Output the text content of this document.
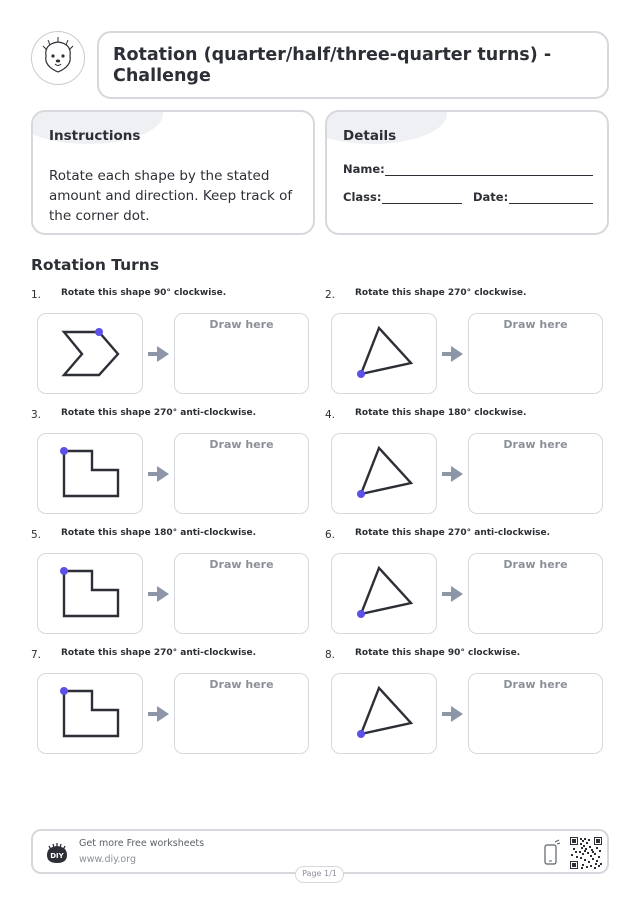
Rotation (quarter/half/three-quarter turns) - Challenge
Instructions
Rotate each shape by the stated amount and direction. Keep track of the corner dot.
Details
Name:
Class:	Date:
Rotation Turns
1. Rotate this shape 90° clockwise.
Draw here
2. Rotate this shape 270° clockwise.
Draw here
3. Rotate this shape 270° anti-clockwise.
Draw here
4. Rotate this shape 180° clockwise.
Draw here
5. Rotate this shape 180° anti-clockwise.
Draw here
6. Rotate this shape 270° anti-clockwise.
Draw here
7. Rotate this shape 270° anti-clockwise.
Draw here
8. Rotate this shape 90° clockwise.
Draw here
DIY
Get more Free worksheets
www.diy.org
Page 1/1
